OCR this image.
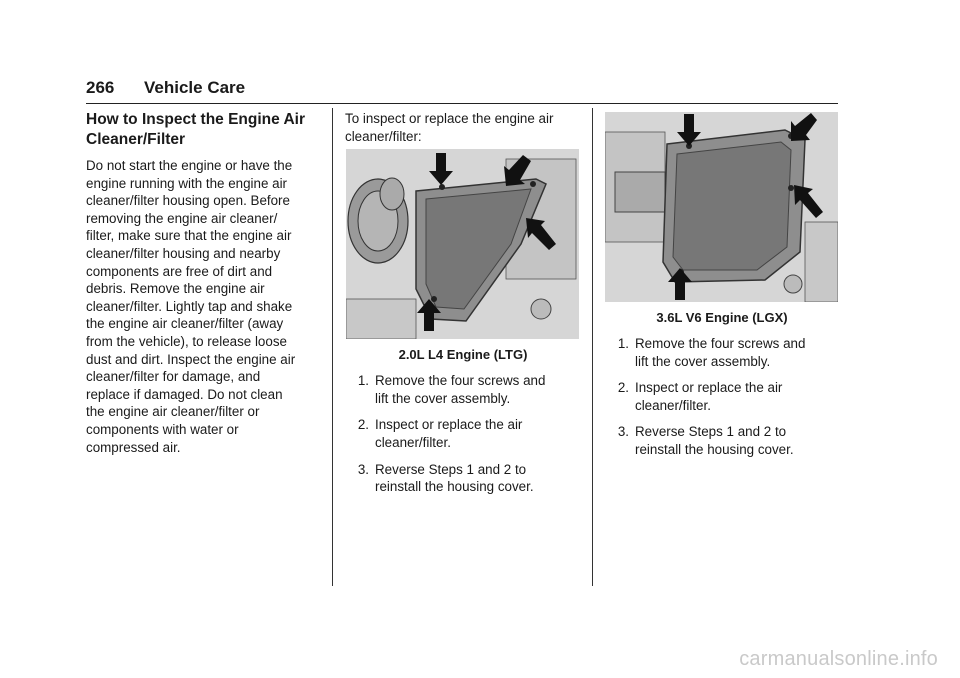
266 Vehicle Care
How to Inspect the Engine Air Cleaner/Filter

Do not start the engine or have the
engine running with the engine air
cleaner/filter housing open. Before
removing the engine air cleaner/
filter, make sure that the engine air
cleaner/filter housing and nearby
components are free of dirt and
debris. Remove the engine air
cleaner/filter. Lightly tap and shake
the engine air cleaner/filter (away
from the vehicle), to release loose
dust and dirt. Inspect the engine air
cleaner/filter for damage, and
replace if damaged. Do not clean
the engine air cleaner/filter or
components with water or
compressed air.

To inspect or replace the engine air
cleaner/filter:

2.0L L4 Engine (LTG)
1. Remove the four screws and
lift the cover assembly.
2. Inspect or replace the air
cleaner/filter.
3. Reverse Steps 1 and 2 to
reinstall the housing cover.
3.6L V6 Engine (LGX)
1. Remove the four screws and
lift the cover assembly.
2. Inspect or replace the air
cleaner/filter.
3. Reverse Steps 1 and 2 to
reinstall the housing cover.
carmanualsonline.info
